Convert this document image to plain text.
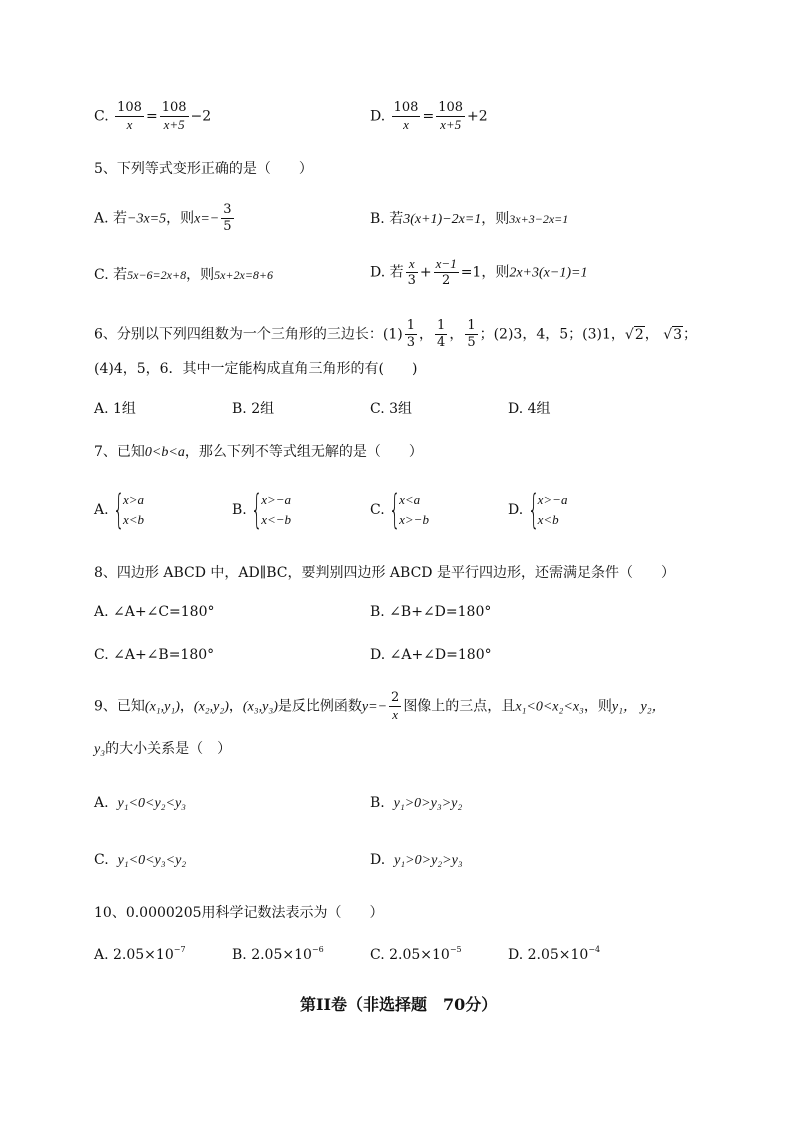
C. $\frac{108}{x} = \frac{108}{x+5} -2$	D. $\frac{108}{x} = \frac{108}{x+5} +2$
5、下列等式变形正确的是（　　）
A. 若−3x=5，则$x=- \frac{3}{5}$	B. 若3(x+1)−2x=1，则3x+3−2x=1
C. 若5x−6=2x+8，则5x+2x=8+6	D. 若 $\frac{x}{3} + \frac{x-1}{2} =1$，则2x+3(x−1)=1
6、分别以下列四组数为一个三角形的三边长：$(1) \frac{1}{3}$ ， $\frac{1}{4}$ ， $\frac{1}{5}$ ；(2)3，4，5；(3)1，√2， √3；
(4)4，5，6．其中一定能构成直角三角形的有(　　)
A. 1组	B. 2组	C. 3组	D. 4组
7、已知0<b<a，那么下列不等式组无解的是（　　）
A. {
x>a
x<b
B. {
x>−a
x<−b
C. {
x<a
x>−b
D. {
x>−a
x<b
8、四边形 ABCD 中，AD∥BC，要判别四边形 ABCD 是平行四边形，还需满足条件（　　）
A. ∠A+∠C=180°	B. ∠B+∠D=180°
C. ∠A+∠B=180°	D. ∠A+∠D=180°
9、已知(x₁,y₁)，(x₂,y₂)，(x₃,y₃)是反比例函数$y=- \frac{2}{x}$ 图像上的三点，且x₁<0<x₂<x₃，则y₁， y₂，
y₃的大小关系是（　）
A. y₁<0<y₂<y₃	B. y₁>0>y₃>y₂
C. y₁<0<y₃<y₂	D. y₁>0>y₂>y₃
10、0.0000205用科学记数法表示为（　　）
A. $2.05\times 10^{-7}$	B. $2.05\times 10^{-6}$	C. $2.05\times 10^{-5}$	D. $2.05\times 10^{-4}$
第II卷（非选择题　70分）
